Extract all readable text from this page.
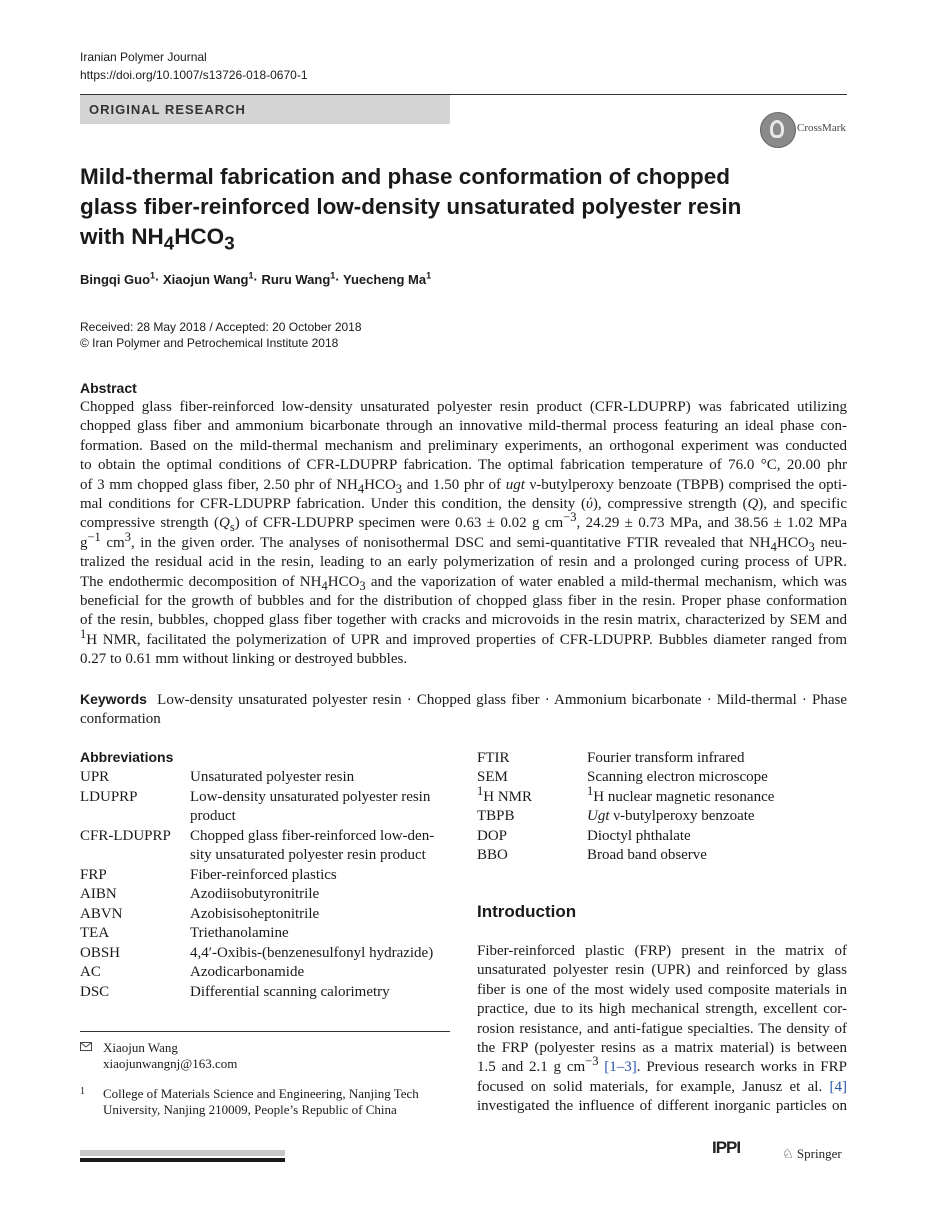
Iranian Polymer Journal
https://doi.org/10.1007/s13726-018-0670-1
ORIGINAL RESEARCH
CrossMark
Mild-thermal fabrication and phase conformation of chopped
glass fiber-reinforced low-density unsaturated polyester resin
with $NH_4HCO_3$
Bingqi Guo$^1$· Xiaojun Wang$^1$· Ruru Wang$^1$· Yuecheng Ma$^1$
Received: 28 May 2018 / Accepted: 20 October 2018
© Iran Polymer and Petrochemical Institute 2018
Abstract
Chopped glass fiber-reinforced low-density unsaturated polyester resin product (CFR-LDUPRP) was fabricated utilizing
chopped glass fiber and ammonium bicarbonate through an innovative mild-thermal process featuring an ideal phase con-
formation. Based on the mild-thermal mechanism and preliminary experiments, an orthogonal experiment was conducted
to obtain the optimal conditions of CFR-LDUPRP fabrication. The optimal fabrication temperature of 76.0 °C, 20.00 phr
of 3 mm chopped glass fiber, 2.50 phr of $NH_4HCO_3$ and 1.50 phr of ugt ν-butylperoxy benzoate (TBPB) comprised the opti-
mal conditions for CFR-LDUPRP fabrication. Under this condition, the density (ύ), compressive strength (Q), and specific
compressive strength $(Q_s)$ of CFR-LDUPRP specimen were 0.63 ± 0.02 g $cm^{-3}$, 24.29 ± 0.73 MPa, and 38.56 ± 1.02 MPa
$g^{-1}$ $cm^3$, in the given order. The analyses of nonisothermal DSC and semi-quantitative FTIR revealed that $NH_4HCO_3$ neu-
tralized the residual acid in the resin, leading to an early polymerization of resin and a prolonged curing process of UPR.
The endothermic decomposition of $NH_4HCO_3$ and the vaporization of water enabled a mild-thermal mechanism, which was
beneficial for the growth of bubbles and for the distribution of chopped glass fiber in the resin. Proper phase conformation
of the resin, bubbles, chopped glass fiber together with cracks and microvoids in the resin matrix, characterized by SEM and
$^1$H NMR, facilitated the polymerization of UPR and improved properties of CFR-LDUPRP. Bubbles diameter ranged from
0.27 to 0.61 mm without linking or destroyed bubbles.
Keywords Low-density unsaturated polyester resin · Chopped glass fiber · Ammonium bicarbonate · Mild-thermal · Phase
conformation
Abbreviations
UPR	Unsaturated polyester resin
LDUPRP	Low-density unsaturated polyester resin
product
CFR-LDUPRP Chopped glass fiber-reinforced low-den-
sity unsaturated polyester resin product
FRP	Fiber-reinforced plastics
AIBN	Azodiisobutyronitrile
ABVN	Azobisisoheptonitrile
TEA	Triethanolamine
OBSH	4,4′-Oxibis-(benzenesulfonyl hydrazide)
AC	Azodicarbonamide
DSC	Differential scanning calorimetry
FTIR	Fourier transform infrared
SEM	Scanning electron microscope
$^1$H NMR	$^1$H nuclear magnetic resonance
TBPB	Ugt ν-butylperoxy benzoate
DOP	Dioctyl phthalate
BBO	Broad band observe
Introduction
Fiber-reinforced plastic (FRP) present in the matrix of
unsaturated polyester resin (UPR) and reinforced by glass
fiber is one of the most widely used composite materials in
practice, due to its high mechanical strength, excellent cor-
rosion resistance, and anti-fatigue specialties. The density of
the FRP (polyester resins as a matrix material) is between
1.5 and 2.1 g $cm^{-3}$ [1–3]. Previous research works in FRP
focused on solid materials, for example, Janusz et al. [4]
investigated the influence of different inorganic particles on
Xiaojun Wang
xiaojunwangnj@163.com
1 College of Materials Science and Engineering, Nanjing Tech
University, Nanjing 210009, People’s Republic of China
IPPI	♘ Springer
